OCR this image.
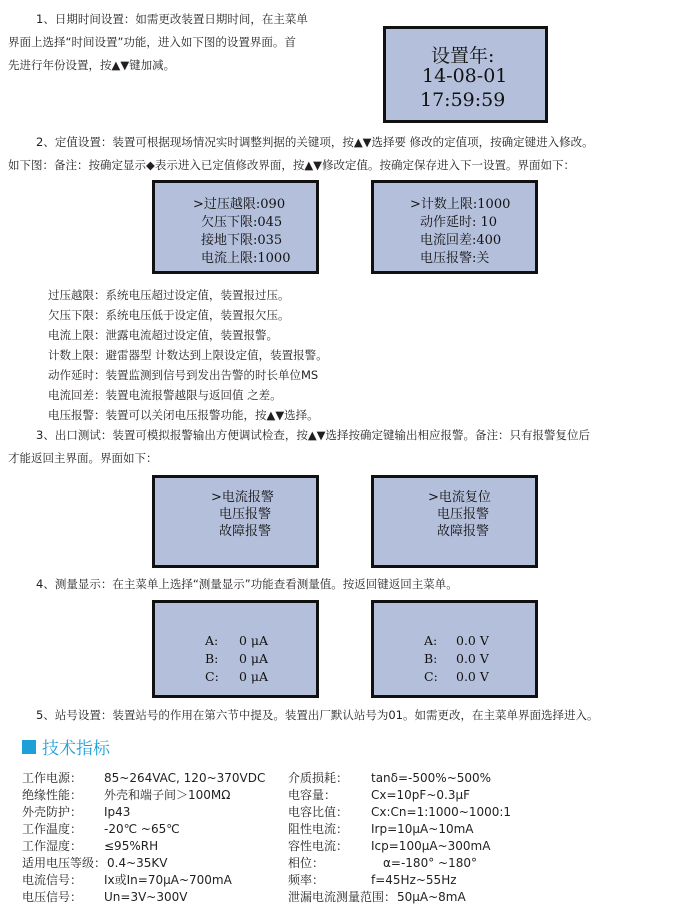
1、日期时间设置：如需更改装置日期时间，在主菜单
界面上选择“时间设置”功能，进入如下图的设置界面。首
先进行年份设置，按▲▼键加减。	设置年:
14-08-01
17:59:59
2、定值设置：装置可根据现场情况实时调整判据的关键项，按▲▼选择要 修改的定值项，按确定键进入修改。
如下图：备注：按确定显示◆表示进入已定值修改界面，按▲▼修改定值。按确定保存进入下一设置。界面如下：
>过压越限:090
欠压下限:045
接地下限:035
电流上限:1000
>计数上限:1000
动作延时: 10
电流回差:400
电压报警:关
过压越限：系统电压超过设定值，装置报过压。
欠压下限：系统电压低于设定值，装置报欠压。
电流上限：泄露电流超过设定值，装置报警。
计数上限：避雷器型 计数达到上限设定值，装置报警。
动作延时：装置监测到信号到发出告警的时长单位MS
电流回差：装置电流报警越限与返回值 之差。
电压报警：装置可以关闭电压报警功能，按▲▼选择。
3、出口测试：装置可模拟报警输出方便调试检查，按▲▼选择按确定键输出相应报警。备注：只有报警复位后
才能返回主界面。界面如下：
>电流报警
电压报警
故障报警
>电流复位
电压报警
故障报警
4、测量显示：在主菜单上选择“测量显示”功能查看测量值。按返回键返回主菜单。
A: 0 μA
B: 0 μA
C: 0 μA
A: 0.0 V
B: 0.0 V
C: 0.0 V
5、站号设置：装置站号的作用在第六节中提及。装置出厂默认站号为01。如需更改，在主菜单界面选择进入。
技术指标
工作电源： 85~264VAC, 120~370VDC
绝缘性能： 外壳和端子间＞100MΩ
外壳防护： Ip43
工作温度： -20℃ ~65℃
工作湿度： ≤95%RH
适用电压等级： 0.4~35KV
电流信号： Ix或In=70μA~700mA
电压信号： Un=3V~300V
介质损耗： tanδ=-500%~500%
电容量：	Cx=10pF~0.3μF
电容比值： Cx:Cn=1:1000~1000:1
阻性电流： Irp=10μA~10mA
容性电流： Icp=100μA~300mA
相位：	α=-180° ~180°
频率：	f=45Hz~55Hz
泄漏电流测量范围： 50μA~8mA
